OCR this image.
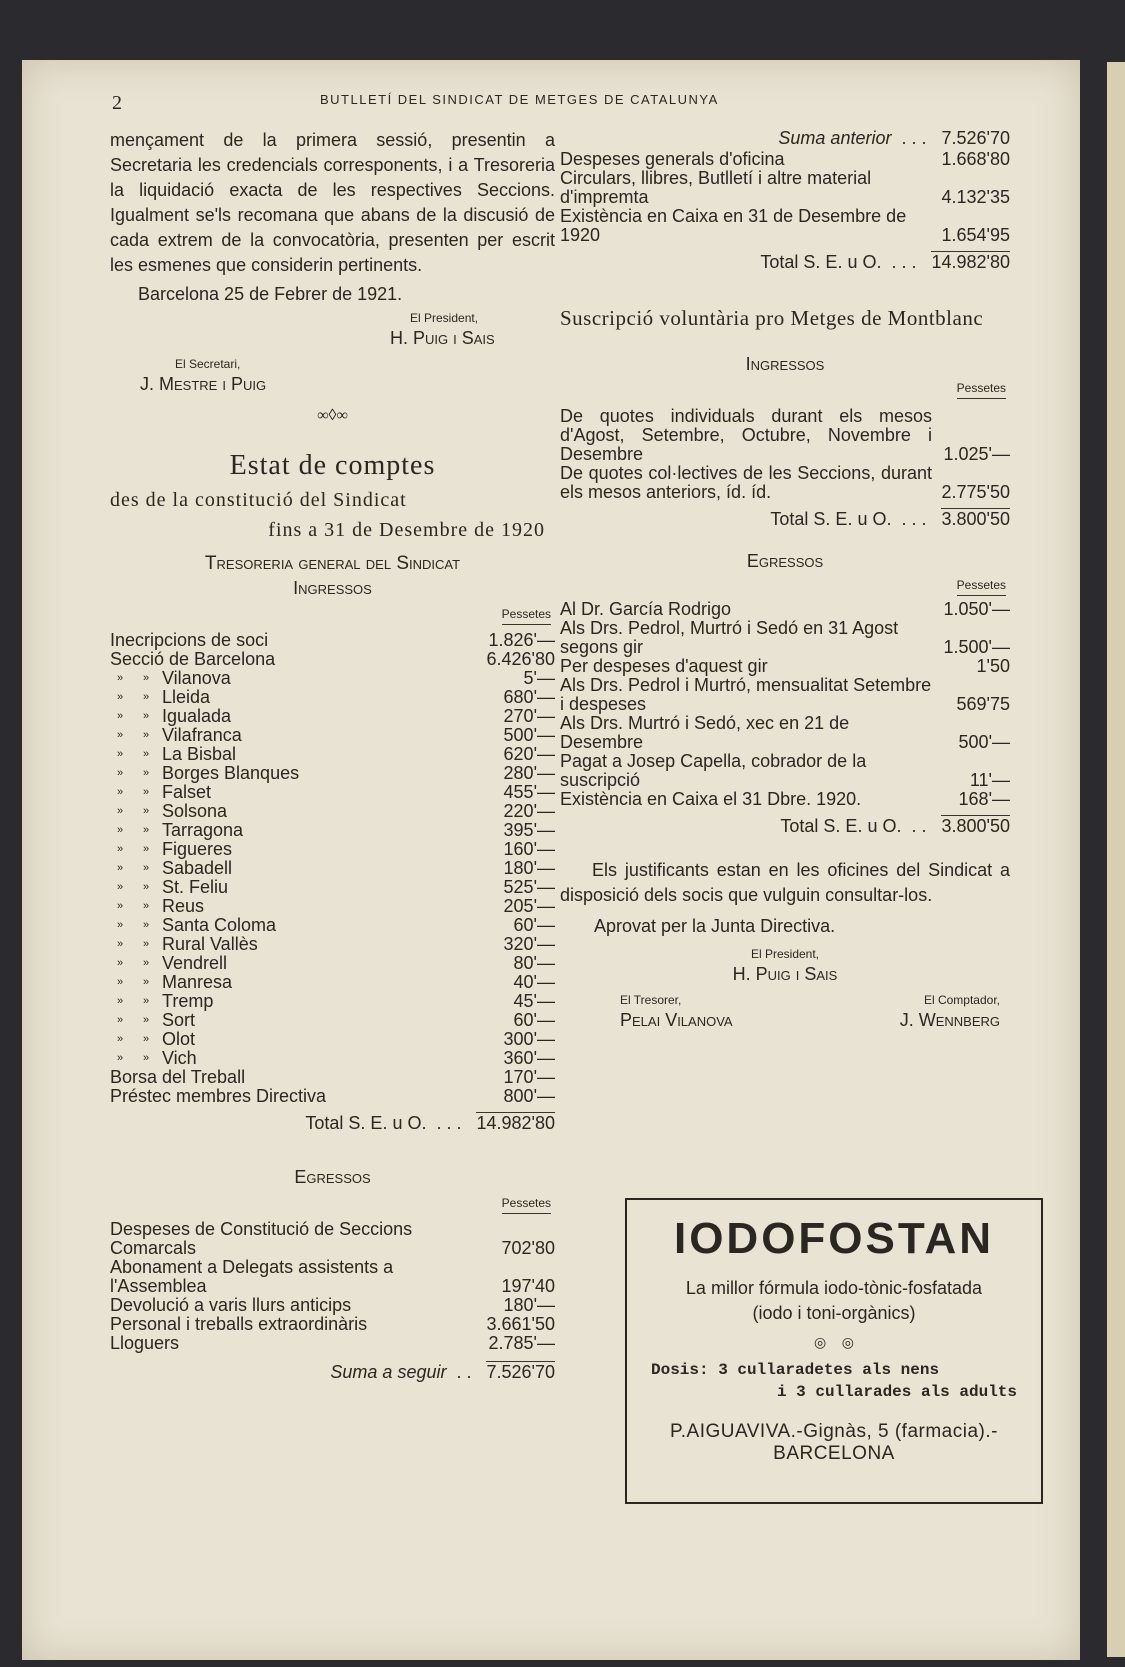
2	BUTLLETÍ DEL SINDICAT DE METGES DE CATALUNYA

mençament de la primera sessió, presentin a Secretaria les credencials corresponents, i a Tresoreria la liquidació exacta de les respectives Seccions. Igualment se'ls recomana que abans de la discusió de cada extrem de la convocatòria, presenten per escrit les esmenes que considerin pertinents.

Barcelona 25 de Febrer de 1921.

El President,

H. Puig i Sais

El Secretari,

J. Mestre i Puig

∞◊∞

Estat de comptes
des de la constitució del Sindicat
fins a 31 de Desembre de 1920
Tresoreria general del Sindicat
Ingressos
Pessetes
Inecripcions de soci	1.826'—
Secció de Barcelona	6.426'80
»	» Vilanova	5'—
»	» Lleida	680'—
»	» Igualada	270'—
»	» Vilafranca	500'—
»	» La Bisbal	620'—
»	» Borges Blanques	280'—
»	» Falset	455'—
»	» Solsona	220'—
»	» Tarragona	395'—
»	» Figueres	160'—
»	» Sabadell	180'—
»	» St. Feliu	525'—
»	» Reus	205'—
»	» Santa Coloma	60'—
»	» Rural Vallès	320'—
»	» Vendrell	80'—
»	» Manresa	40'—
»	» Tremp	45'—
»	» Sort	60'—
»	» Olot	300'—
»	» Vich	360'—
Borsa del Treball	170'—
Préstec membres Directiva	800'—
Total S. E. u O.  . . .   14.982'80
Egressos
Pessetes
Despeses de Constitució de Seccions Comarcals	702'80
Abonament a Delegats assistents a l'Assemblea	197'40
Devolució a varis llurs anticips	180'—
Personal i treballs extraordinàris	3.661'50
Lloguers	2.785'—
Suma a seguir  . .   7.526'70
Suma anterior  . . .   7.526'70
Despeses generals d'oficina	1.668'80
Circulars, llibres, Butlletí i altre material d'impremta	4.132'35
Existència en Caixa en 31 de Desembre de 1920	1.654'95
Total S. E. u O.  . . .   14.982'80
Suscripció voluntària pro Metges de Montblanc
Ingressos
Pessetes
De quotes individuals durant els mesos d'Agost, Setembre, Octubre, Novembre i Desembre	1.025'—
De quotes col·lectives de les Seccions, durant els mesos anteriors, íd. íd.	2.775'50
Total S. E. u O.  . . .   3.800'50
Egressos
Pessetes
Al Dr. García Rodrigo	1.050'—
Als Drs. Pedrol, Murtró i Sedó en 31 Agost segons gir	1.500'—
Per despeses d'aquest gir	1'50
Als Drs. Pedrol i Murtró, mensualitat Setembre i despeses	569'75
Als Drs. Murtró i Sedó, xec en 21 de Desembre	500'—
Pagat a Josep Capella, cobrador de la suscripció	11'—
Existència en Caixa el 31 Dbre. 1920.	168'—
Total S. E. u O.  . .   3.800'50

Els justificants estan en les oficines del Sindicat a disposició dels socis que vulguin consultar-los.

Aprovat per la Junta Directiva.

El President,

H. Puig i Sais

El Tresorer,

Pelai Vilanova

El Comptador,

J. Wennberg

IODOFOSTAN
La millor fórmula iodo-tònic-fosfatada
(iodo i toni-orgànics)
◎    ◎
Dosis: 3 cullaradetes als nens
i 3 cullarades als adults
P.AIGUAVIVA.-Gignàs, 5 (farmacia).-BARCELONA
